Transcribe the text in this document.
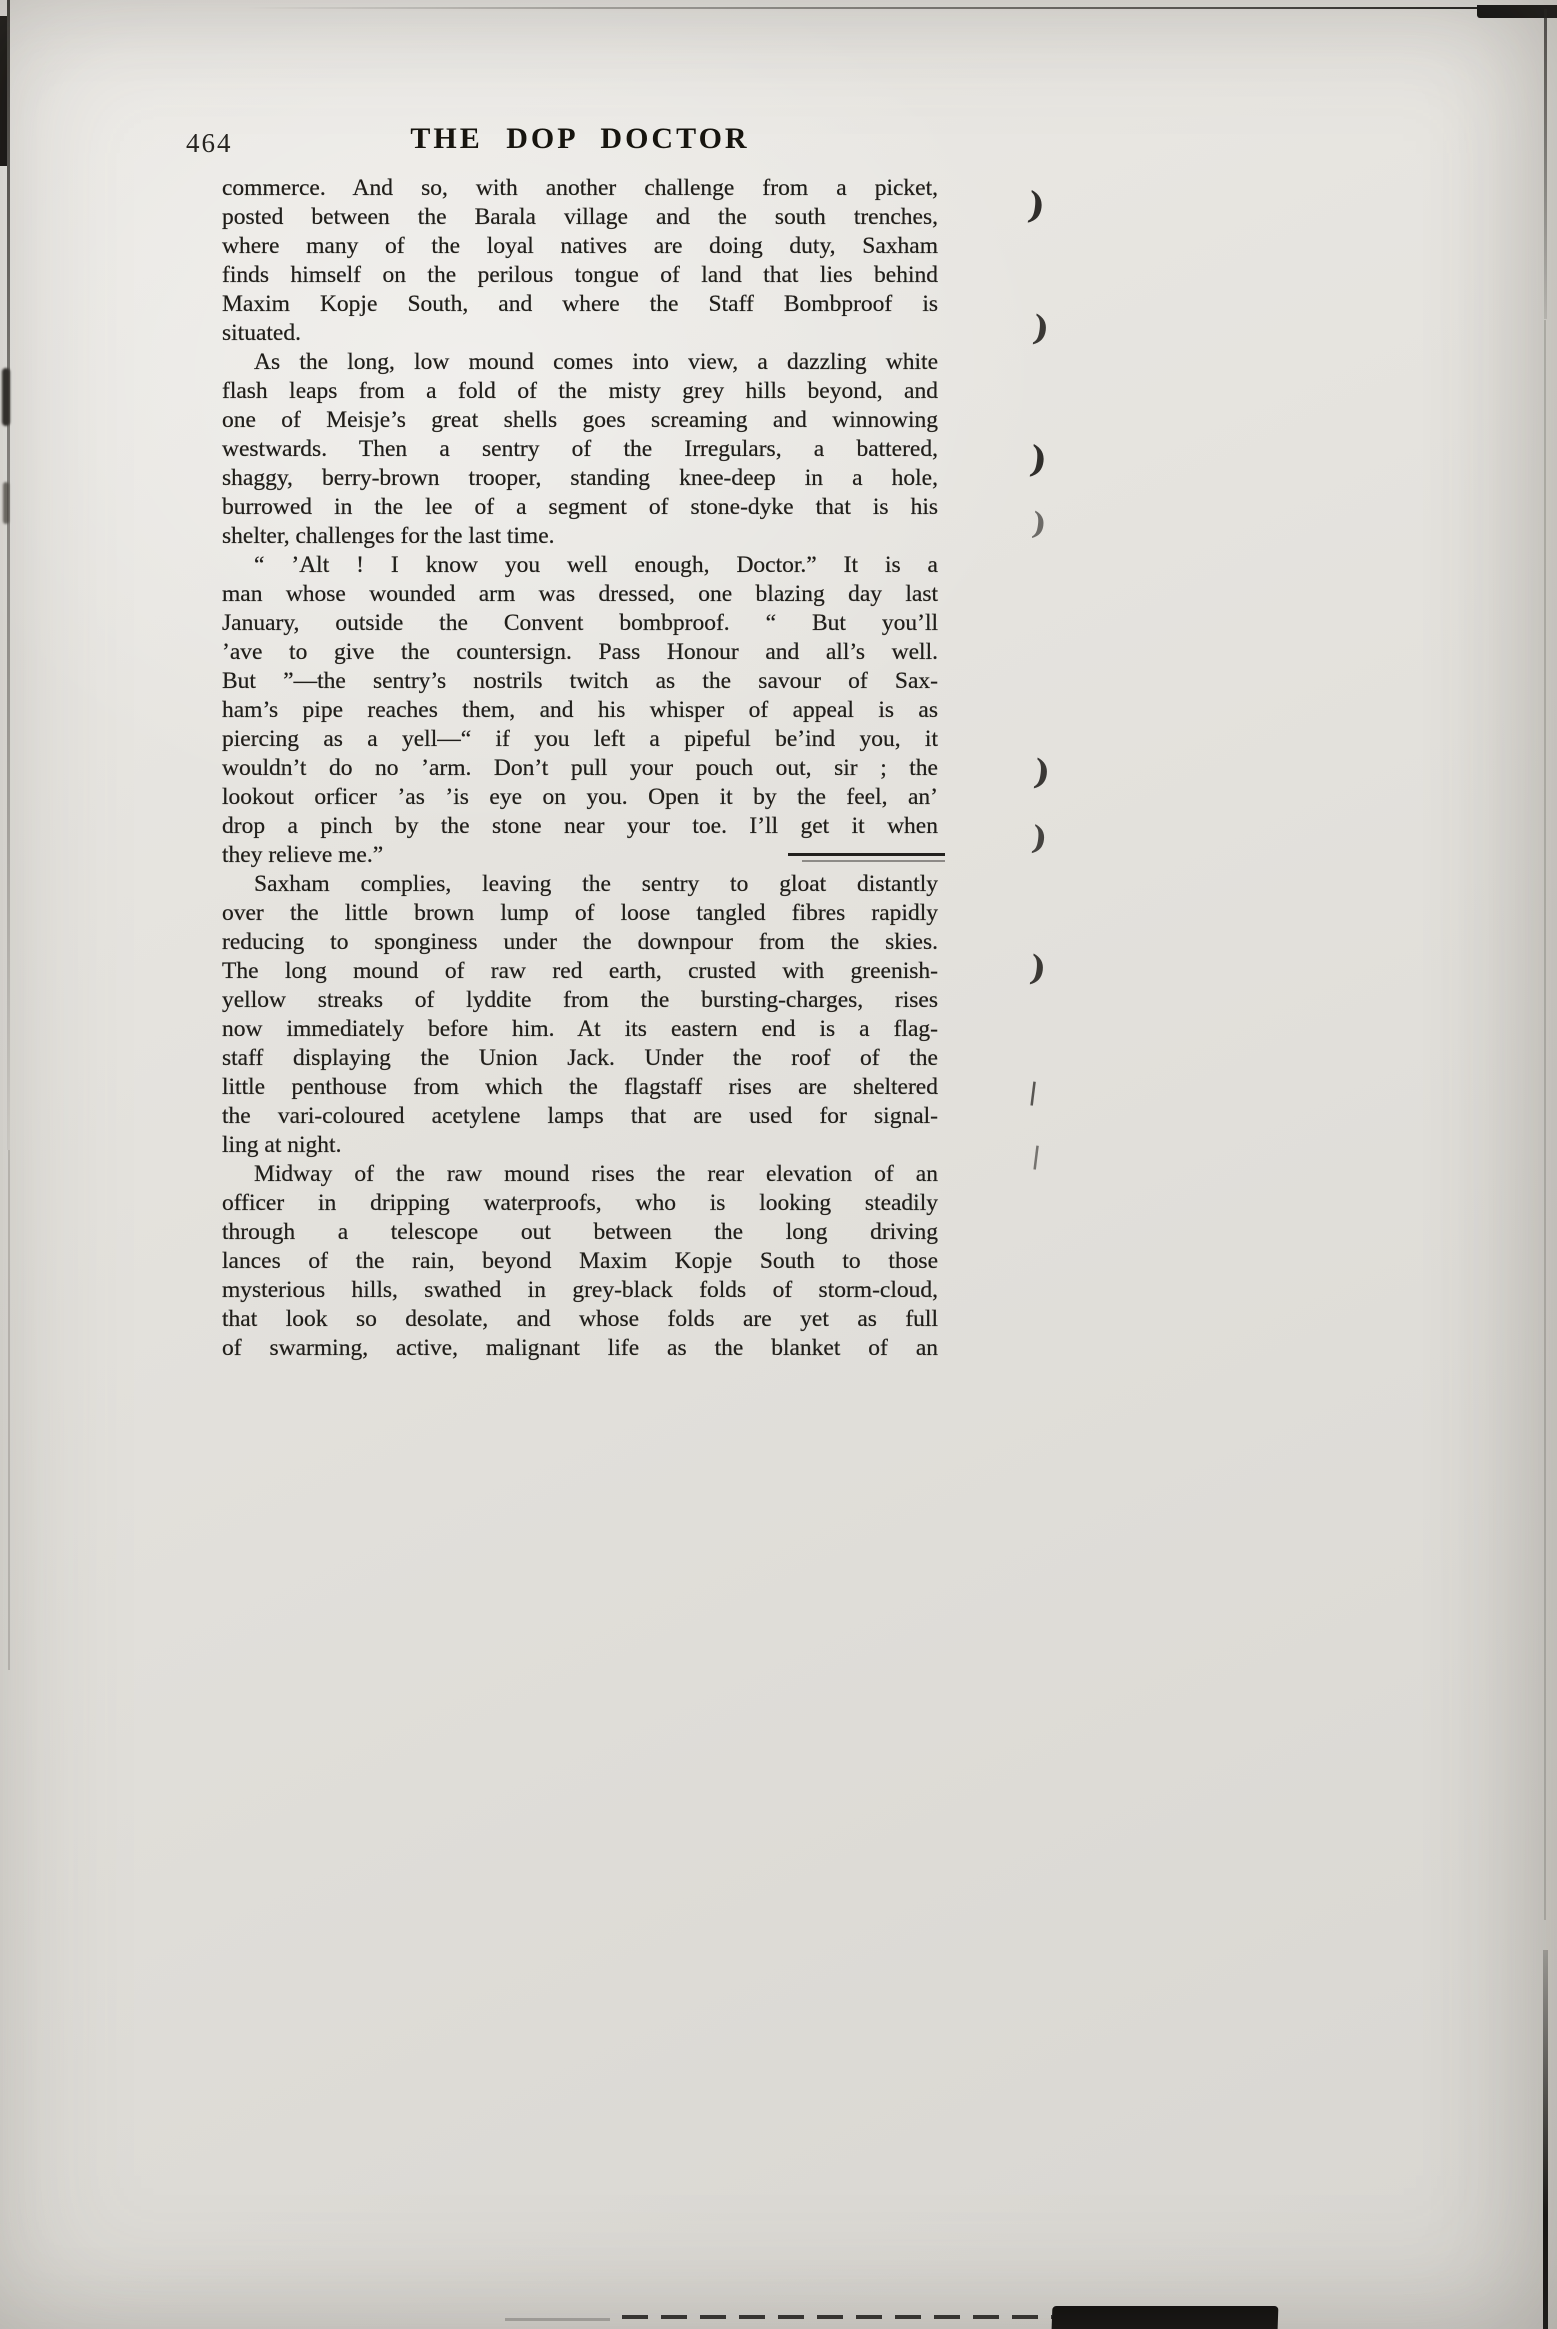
464	THE DOP DOCTOR
commerce. And so, with another challenge from a picket,
posted between the Barala village and the south trenches,
where many of the loyal natives are doing duty, Saxham
finds himself on the perilous tongue of land that lies behind
Maxim Kopje South, and where the Staff Bombproof is
situated.
As the long, low mound comes into view, a dazzling white
flash leaps from a fold of the misty grey hills beyond, and
one of Meisje’s great shells goes screaming and winnowing
westwards. Then a sentry of the Irregulars, a battered,
shaggy, berry-brown trooper, standing knee-deep in a hole,
burrowed in the lee of a segment of stone-dyke that is his
shelter, challenges for the last time.
“ ’Alt ! I know you well enough, Doctor.” It is a
man whose wounded arm was dressed, one blazing day last
January, outside the Convent bombproof. “ But you’ll
’ave to give the countersign. Pass Honour and all’s well.
But ”—the sentry’s nostrils twitch as the savour of Sax-
ham’s pipe reaches them, and his whisper of appeal is as
piercing as a yell—“ if you left a pipeful be’ind you, it
wouldn’t do no ’arm. Don’t pull your pouch out, sir ; the
lookout orficer ’as ’is eye on you. Open it by the feel, an’
drop a pinch by the stone near your toe. I’ll get it when
they relieve me.”
Saxham complies, leaving the sentry to gloat distantly
over the little brown lump of loose tangled fibres rapidly
reducing to sponginess under the downpour from the skies.
The long mound of raw red earth, crusted with greenish-
yellow streaks of lyddite from the bursting-charges, rises
now immediately before him. At its eastern end is a flag-
staff displaying the Union Jack. Under the roof of the
little penthouse from which the flagstaff rises are sheltered
the vari-coloured acetylene lamps that are used for signal-
ling at night.
Midway of the raw mound rises the rear elevation of an
officer in dripping waterproofs, who is looking steadily
through a telescope out between the long driving
lances of the rain, beyond Maxim Kopje South to those
mysterious hills, swathed in grey-black folds of storm-cloud,
that look so desolate, and whose folds are yet as full
of swarming, active, malignant life as the blanket of an
)
)
)
)
)
)
)
|
|
